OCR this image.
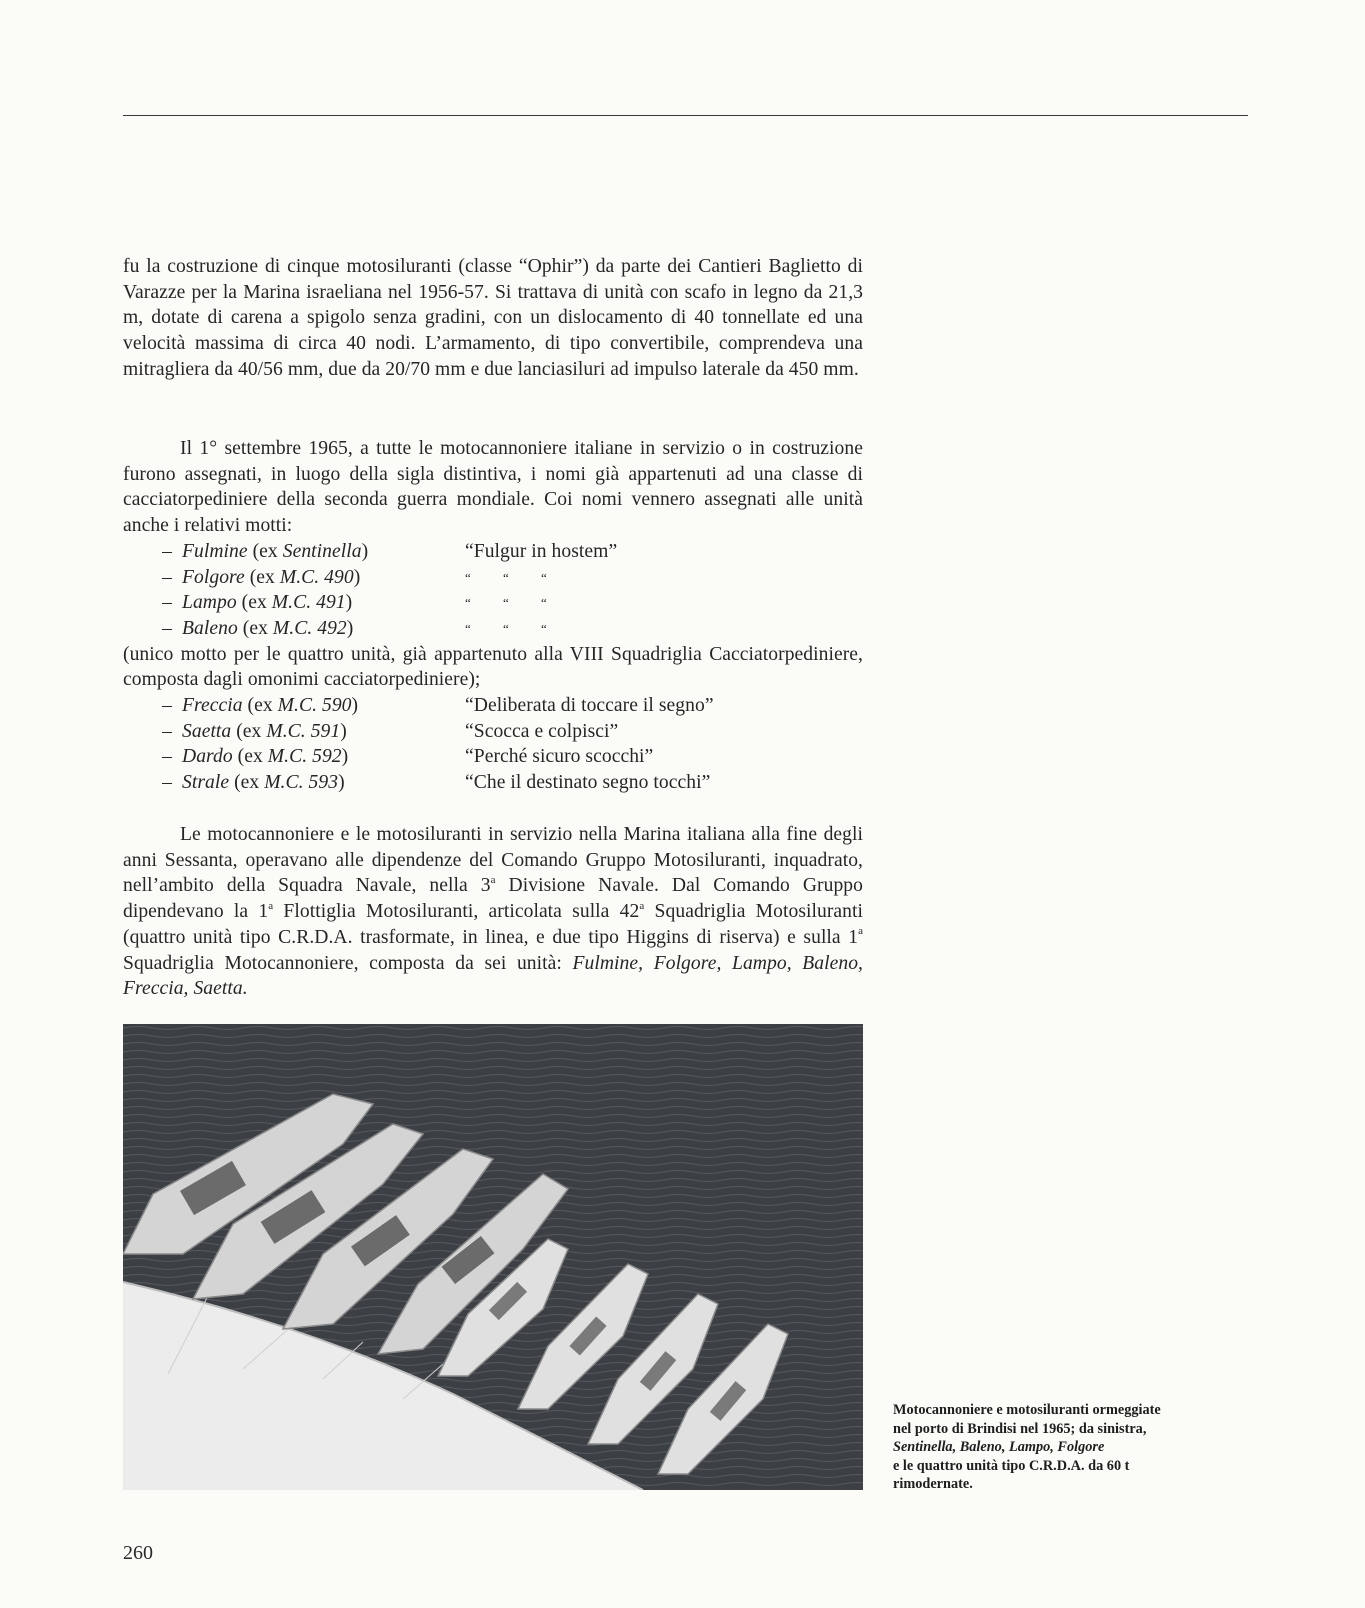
fu la costruzione di cinque motosiluranti (classe “Ophir”) da parte dei Cantieri Baglietto di Varazze per la Marina israeliana nel 1956-57. Si trattava di unità con scafo in legno da 21,3 m, dotate di carena a spigolo senza gradini, con un dislocamento di 40 tonnellate ed una velocità massima di circa 40 nodi. L’armamento, di tipo convertibile, comprendeva una mitragliera da 40/56 mm, due da 20/70 mm e due lanciasiluri ad impulso laterale da 450 mm.

Il 1° settembre 1965, a tutte le motocannoniere italiane in servizio o in costruzione furono assegnati, in luogo della sigla distintiva, i nomi già appartenuti ad una classe di cacciatorpediniere della seconda guerra mondiale. Coi nomi vennero assegnati alle unità anche i relativi motti:

– Fulmine (ex Sentinella)	“Fulgur in hostem”
– Folgore (ex M.C. 490)	“ “ “
– Lampo (ex M.C. 491)	“ “ “
– Baleno (ex M.C. 492)	“ “ “

(unico motto per le quattro unità, già appartenuto alla VIII Squadriglia Cacciatorpediniere, composta dagli omonimi cacciatorpediniere);

– Freccia (ex M.C. 590)	“Deliberata di toccare il segno”
– Saetta (ex M.C. 591)	“Scocca e colpisci”
– Dardo (ex M.C. 592)	“Perché sicuro scocchi”
– Strale (ex M.C. 593)	“Che il destinato segno tocchi”

Le motocannoniere e le motosiluranti in servizio nella Marina italiana alla fine degli anni Sessanta, operavano alle dipendenze del Comando Gruppo Motosiluranti, inquadrato, nell’ambito della Squadra Navale, nella 3$^a$ Divisione Navale. Dal Comando Gruppo dipendevano la 1$^a$ Flottiglia Motosiluranti, articolata sulla 42$^a$ Squadriglia Motosiluranti (quattro unità tipo C.R.D.A. trasformate, in linea, e due tipo Higgins di riserva) e sulla 1$^a$ Squadriglia Motocannoniere, composta da sei unità: Fulmine, Folgore, Lampo, Baleno, Freccia, Saetta.

Motocannoniere e motosiluranti ormeggiate
nel porto di Brindisi nel 1965; da sinistra,
Sentinella, Baleno, Lampo, Folgore
e le quattro unità tipo C.R.D.A. da 60 t
rimodernate.
260
